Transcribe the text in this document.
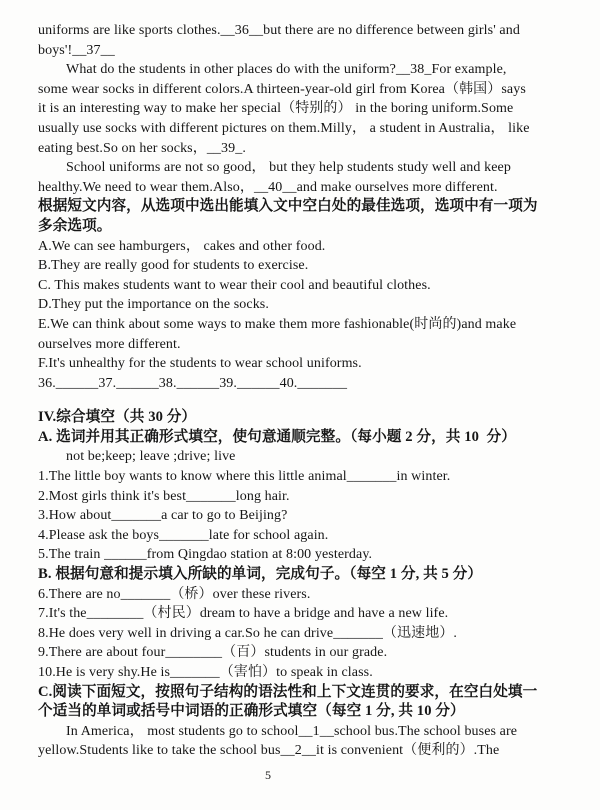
uniforms are like sports clothes.__36__but there are no difference between girls' and
boys'!__37__
What do the students in other places do with the uniform?__38_For example,
some wear socks in different colors.A thirteen-year-old girl from Korea（韩国）says
it is an interesting way to make her special（特别的） in the boring uniform.Some
usually use socks with different pictures on them.Milly， a student in Australia， like
eating best.So on her socks，__39_.
School uniforms are not so good， but they help students study well and keep
healthy.We need to wear them.Also，__40__and make ourselves more different.
根据短文内容，从选项中选出能填入文中空白处的最佳选项，选项中有一项为
多余选项。
A.We can see hamburgers， cakes and other food.
B.They are really good for students to exercise.
C. This makes students want to wear their cool and beautiful clothes.
D.They put the importance on the socks.
E.We can think about some ways to make them more fashionable(时尚的)and make
ourselves more different.
F.It's unhealthy for the students to wear school uniforms.
36.______37.______38.______39.______40._______
IV.综合填空（共 30 分）
A. 选词并用其正确形式填空，使句意通顺完整。（每小题 2 分，共 10  分）
not be;keep; leave ;drive; live
1.The little boy wants to know where this little animal_______in winter.
2.Most girls think it's best_______long hair.
3.How about_______a car to go to Beijing?
4.Please ask the boys_______late for school again.
5.The train ______from Qingdao station at 8:00 yesterday.
B. 根据句意和提示填入所缺的单词，完成句子。（每空 1 分, 共 5 分）
6.There are no_______（桥）over these rivers.
7.It's the________（村民）dream to have a bridge and have a new life.
8.He does very well in driving a car.So he can drive_______（迅速地）.
9.There are about four________（百）students in our grade.
10.He is very shy.He is_______（害怕）to speak in class.
C.阅读下面短文，按照句子结构的语法性和上下文连贯的要求，在空白处填一
个适当的单词或括号中词语的正确形式填空（每空 1 分, 共 10 分）
In America， most students go to school__1__school bus.The school buses are
yellow.Students like to take the school bus__2__it is convenient（便利的）.The
5
